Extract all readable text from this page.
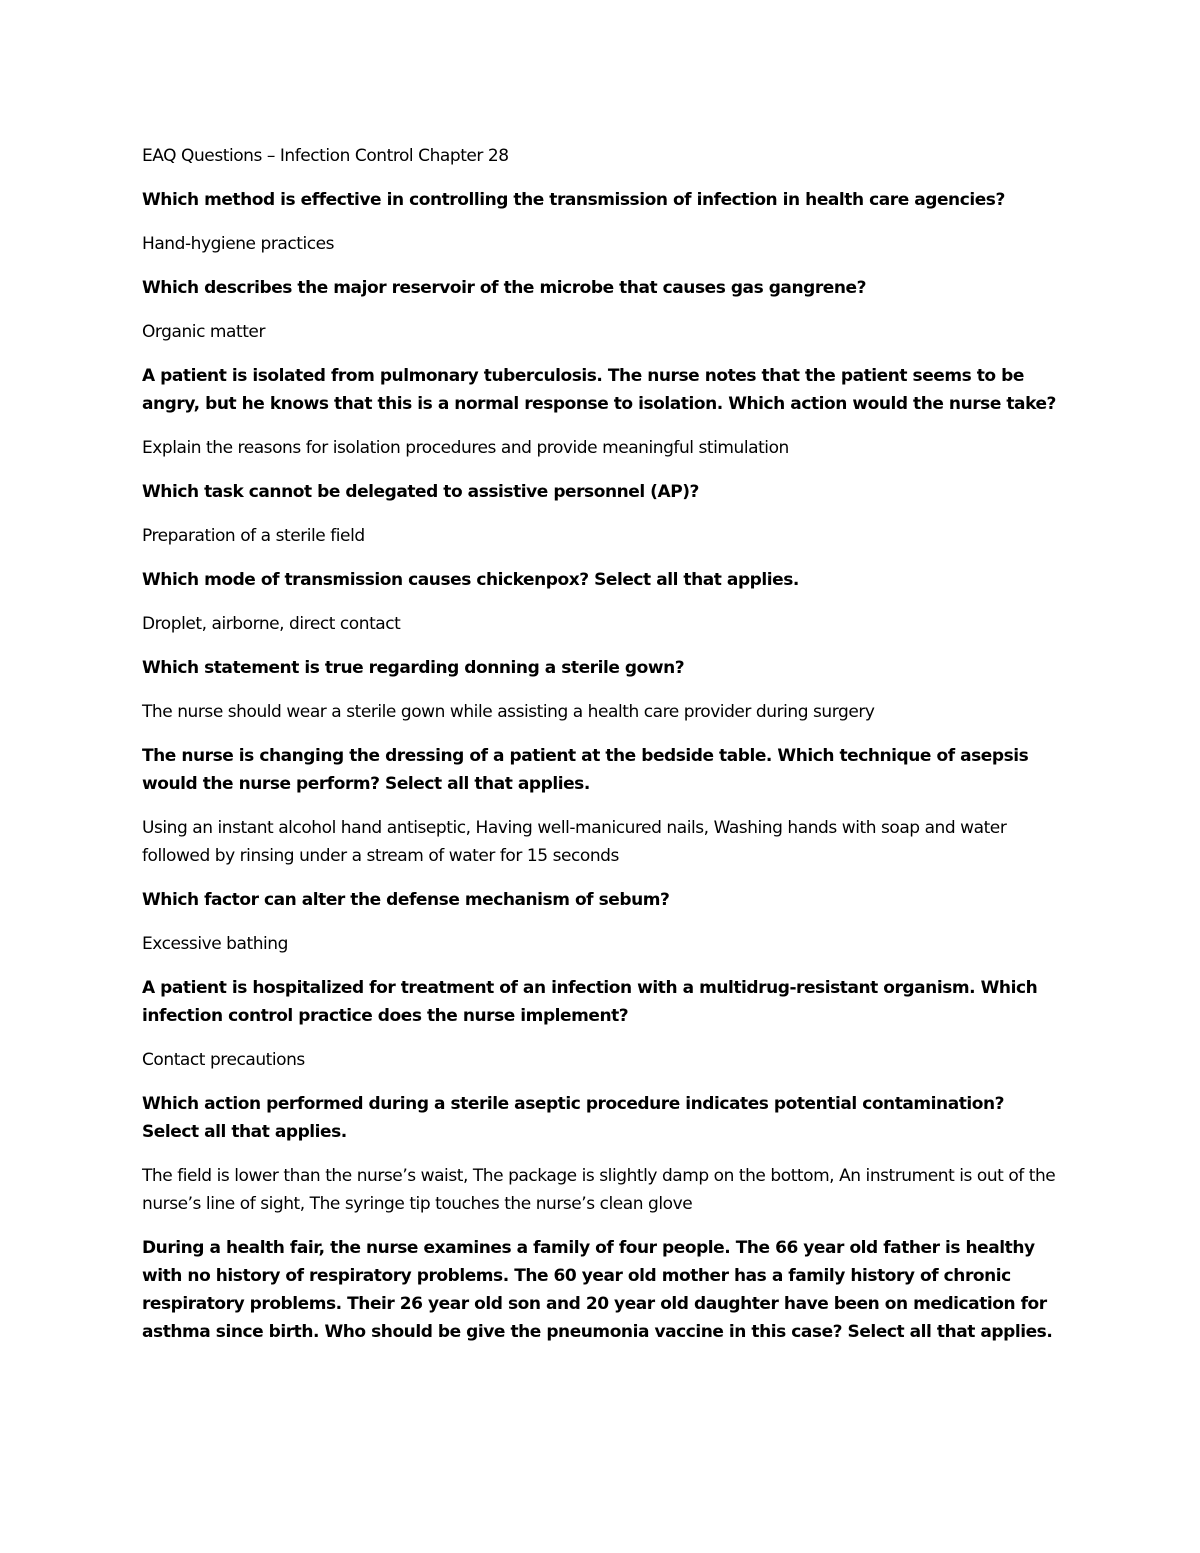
EAQ Questions – Infection Control Chapter 28

Which method is effective in controlling the transmission of infection in health care agencies?

Hand-hygiene practices

Which describes the major reservoir of the microbe that causes gas gangrene?

Organic matter

A patient is isolated from pulmonary tuberculosis. The nurse notes that the patient seems to be angry, but he knows that this is a normal response to isolation. Which action would the nurse take?

Explain the reasons for isolation procedures and provide meaningful stimulation

Which task cannot be delegated to assistive personnel (AP)?

Preparation of a sterile field

Which mode of transmission causes chickenpox? Select all that applies.

Droplet, airborne, direct contact

Which statement is true regarding donning a sterile gown?

The nurse should wear a sterile gown while assisting a health care provider during surgery

The nurse is changing the dressing of a patient at the bedside table. Which technique of asepsis would the nurse perform? Select all that applies.

Using an instant alcohol hand antiseptic, Having well-manicured nails, Washing hands with soap and water followed by rinsing under a stream of water for 15 seconds

Which factor can alter the defense mechanism of sebum?

Excessive bathing

A patient is hospitalized for treatment of an infection with a multidrug-resistant organism. Which infection control practice does the nurse implement?

Contact precautions

Which action performed during a sterile aseptic procedure indicates potential contamination? Select all that applies.

The field is lower than the nurse’s waist, The package is slightly damp on the bottom, An instrument is out of the nurse’s line of sight, The syringe tip touches the nurse’s clean glove

During a health fair, the nurse examines a family of four people. The 66 year old father is healthy with no history of respiratory problems. The 60 year old mother has a family history of chronic respiratory problems. Their 26 year old son and 20 year old daughter have been on medication for asthma since birth. Who should be give the pneumonia vaccine in this case? Select all that applies.
